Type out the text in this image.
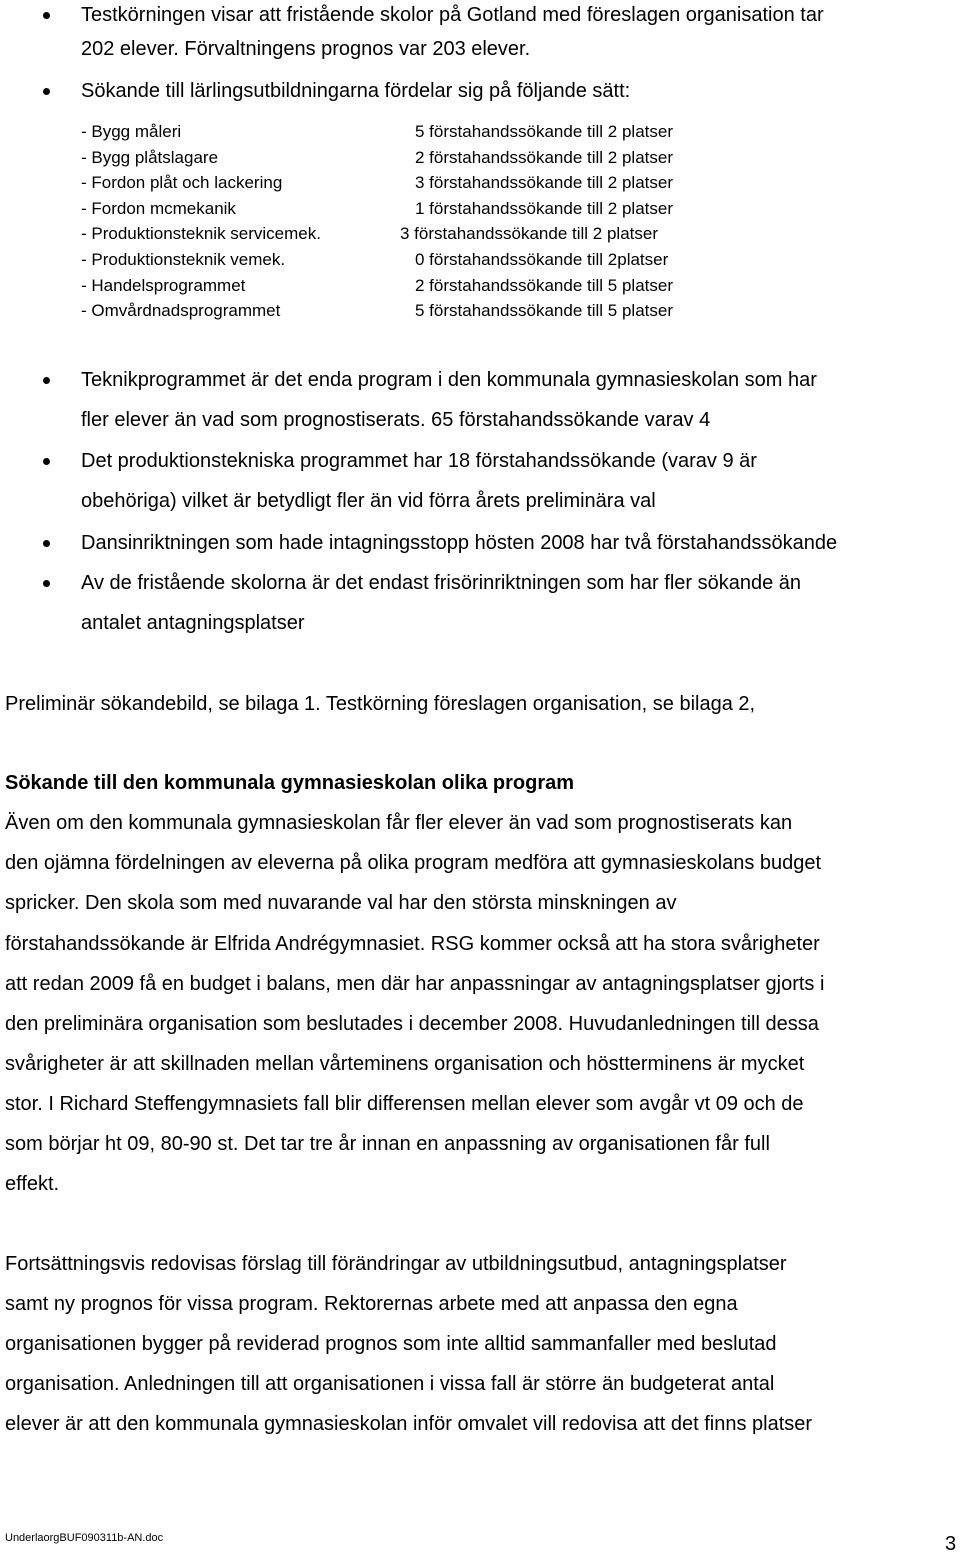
Testkörningen visar att fristående skolor på Gotland med föreslagen organisation tar
202 elever. Förvaltningens prognos var 203 elever.
Sökande till lärlingsutbildningarna fördelar sig på följande sätt:
- Bygg måleri	5 förstahandssökande till 2 platser
- Bygg plåtslagare	2 förstahandssökande till 2 platser
- Fordon plåt och lackering	3 förstahandssökande till 2 platser
- Fordon mcmekanik	1 förstahandssökande till 2 platser
- Produktionsteknik servicemek.	3 förstahandssökande till 2 platser
- Produktionsteknik vemek.	0 förstahandssökande till 2platser
- Handelsprogrammet	2 förstahandssökande till 5 platser
- Omvårdnadsprogrammet	5 förstahandssökande till 5 platser
Teknikprogrammet är det enda program i den kommunala gymnasieskolan som har
fler elever än vad som prognostiserats. 65 förstahandssökande varav 4
Det produktionstekniska programmet har 18 förstahandssökande (varav 9 är
obehöriga) vilket är betydligt fler än vid förra årets preliminära val
Dansinriktningen som hade intagningsstopp hösten 2008 har två förstahandssökande
Av de fristående skolorna är det endast frisörinriktningen som har fler sökande än
antalet antagningsplatser
Preliminär sökandebild, se bilaga 1. Testkörning föreslagen organisation, se bilaga 2,
Sökande till den kommunala gymnasieskolan olika program
Även om den kommunala gymnasieskolan får fler elever än vad som prognostiserats kan
den ojämna fördelningen av eleverna på olika program medföra att gymnasieskolans budget
spricker. Den skola som med nuvarande val har den största minskningen av
förstahandssökande är Elfrida Andrégymnasiet. RSG kommer också att ha stora svårigheter
att redan 2009 få en budget i balans, men där har anpassningar av antagningsplatser gjorts i
den preliminära organisation som beslutades i december 2008. Huvudanledningen till dessa
svårigheter är att skillnaden mellan vårteminens organisation och höstterminens är mycket
stor. I Richard Steffengymnasiets fall blir differensen mellan elever som avgår vt 09 och de
som börjar ht 09, 80-90 st. Det tar tre år innan en anpassning av organisationen får full
effekt.
Fortsättningsvis redovisas förslag till förändringar av utbildningsutbud, antagningsplatser
samt ny prognos för vissa program. Rektorernas arbete med att anpassa den egna
organisationen bygger på reviderad prognos som inte alltid sammanfaller med beslutad
organisation. Anledningen till att organisationen i vissa fall är större än budgeterat antal
elever är att den kommunala gymnasieskolan inför omvalet vill redovisa att det finns platser
UnderlaorgBUF090311b-AN.doc	3
